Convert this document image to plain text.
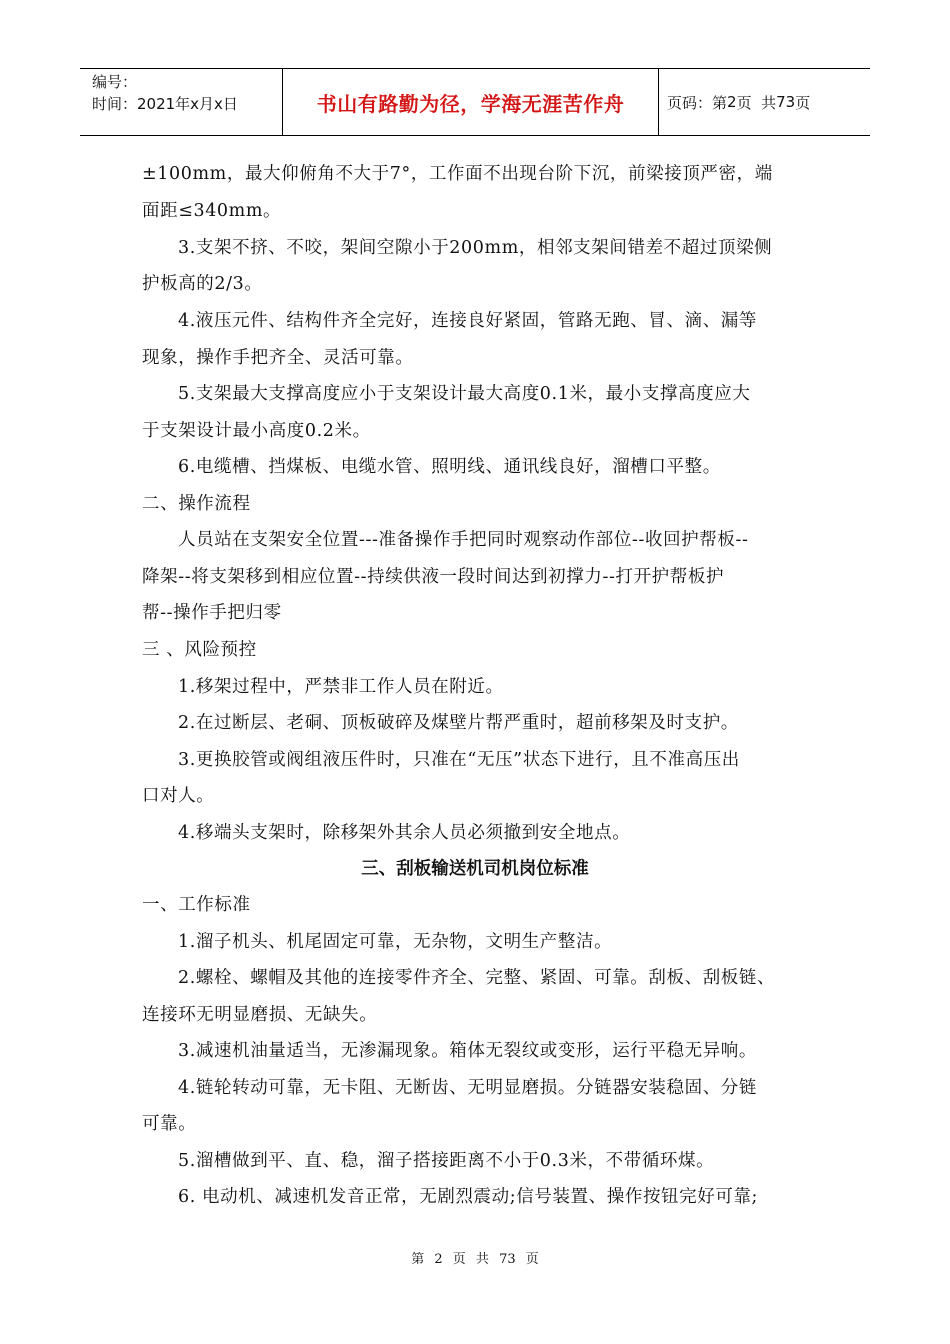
编号：
时间：2021年x月x日	书山有路勤为径，学海无涯苦作舟	页码：第 2 页  共 73 页
±100mm，最大仰俯角不大于7°，工作面不出现台阶下沉，前梁接顶严密，端
面距≤340mm。
3.支架不挤、不咬，架间空隙小于200mm，相邻支架间错差不超过顶梁侧
护板高的2/3。
4.液压元件、结构件齐全完好，连接良好紧固，管路无跑、冒、滴、漏等
现象，操作手把齐全、灵活可靠。
5.支架最大支撑高度应小于支架设计最大高度0.1米，最小支撑高度应大
于支架设计最小高度0.2米。
6.电缆槽、挡煤板、电缆水管、照明线、通讯线良好，溜槽口平整。
二、操作流程
人员站在支架安全位置---准备操作手把同时观察动作部位--收回护帮板--
降架--将支架移到相应位置--持续供液一段时间达到初撑力--打开护帮板护
帮--操作手把归零
三 、风险预控
1.移架过程中，严禁非工作人员在附近。
2.在过断层、老硐、顶板破碎及煤壁片帮严重时，超前移架及时支护。
3.更换胶管或阀组液压件时，只准在“无压”状态下进行，且不准高压出
口对人。
4.移端头支架时，除移架外其余人员必须撤到安全地点。
三、刮板输送机司机岗位标准
一、工作标准
1.溜子机头、机尾固定可靠，无杂物，文明生产整洁。
2.螺栓、螺帽及其他的连接零件齐全、完整、紧固、可靠。刮板、刮板链、
连接环无明显磨损、无缺失。
3.减速机油量适当，无渗漏现象。箱体无裂纹或变形，运行平稳无异响。
4.链轮转动可靠，无卡阻、无断齿、无明显磨损。分链器安装稳固、分链
可靠。
5.溜槽做到平、直、稳，溜子搭接距离不小于0.3米，不带循环煤。
6. 电动机、减速机发音正常，无剧烈震动;信号装置、操作按钮完好可靠;
第 2 页 共 73 页
